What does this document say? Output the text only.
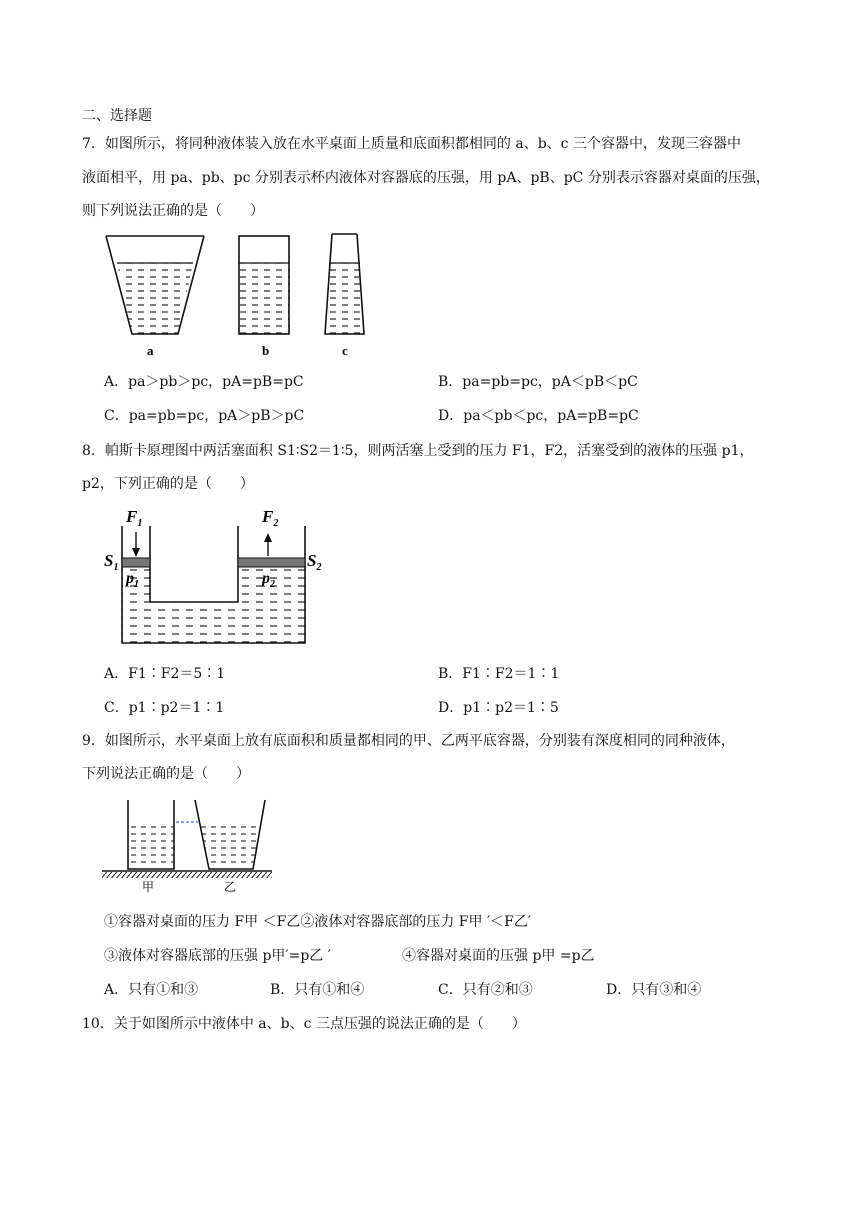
二、选择题
7．如图所示，将同种液体装入放在水平桌面上质量和底面积都相同的 a、b、c 三个容器中，发现三容器中
液面相平，用 pa、pb、pc 分别表示杯内液体对容器底的压强，用 pA、pB、pC 分别表示容器对桌面的压强，
则下列说法正确的是（　　）
a	b	c
A．pa＞pb＞pc，pA=pB=pC	B．pa=pb=pc，pA＜pB＜pC
C．pa=pb=pc，pA＞pB＞pC	D．pa＜pb＜pc，pA=pB=pC
8．帕斯卡原理图中两活塞面积 S1∶S2＝1∶5，则两活塞上受到的压力 F1，F2，活塞受到的液体的压强 p1，
p2，下列正确的是（　　）
$F_1$	$F_2$
$S_1$	$S_2$
$p_1$	$p_2$
A．F1∶F2＝5∶1	B．F1∶F2＝1∶1
C．p1∶p2＝1∶1	D．p1∶p2＝1∶5
9．如图所示，水平桌面上放有底面积和质量都相同的甲、乙两平底容器，分别装有深度相同的同种液体，
下列说法正确的是（　　）
甲	乙
①容器对桌面的压力 F甲 ＜F乙②液体对容器底部的压力 F甲 ′＜F乙′
③液体对容器底部的压强 p甲′=p乙 ′	④容器对桌面的压强 p甲 =p乙
A．只有①和③	B．只有①和④	C．只有②和③	D．只有③和④
10．关于如图所示中液体中 a、b、c 三点压强的说法正确的是（　　）
